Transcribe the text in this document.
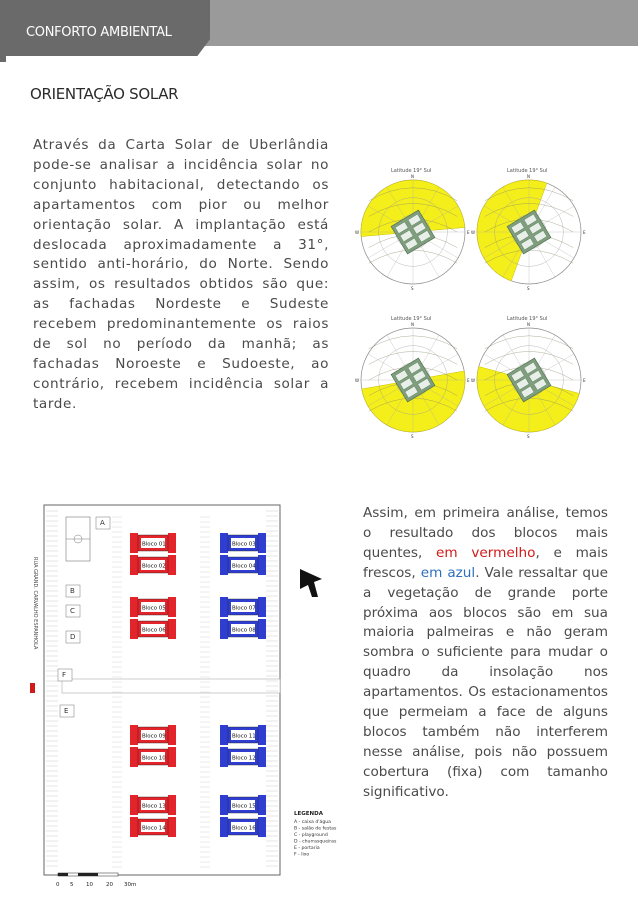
CONFORTO AMBIENTAL
ORIENTAÇÃO SOLAR
Através da Carta Solar de Uberlândia pode-se analisar a incidência solar no conjunto habitacional, detectando os apartamentos com pior ou melhor orientação solar. A implantação está deslocada aproximadamente a 31°, sentido anti-horário, do Norte. Sendo assim, os resultados obtidos são que: as fachadas Nordeste e Sudeste recebem predominantemente os raios de sol no período da manhã; as fachadas Noroeste e Sudoeste, ao contrário, recebem incidência solar a tarde.
Latitude 19° Sul
N
S
E
W
Latitude 19° Sul
N
S
E
W
Latitude 19° Sul
N
S
E
W
Latitude 19° Sul
N
S
E
W
RUA GRAND. CARVALHO ESPANHOLA
A
B
C
D
E
F
Bloco 01
Bloco 02
Bloco 03
Bloco 04
Bloco 05
Bloco 06
Bloco 07
Bloco 08
Bloco 09
Bloco 10
Bloco 11
Bloco 12
Bloco 13
Bloco 14
Bloco 15
Bloco 16
LEGENDA
A - caixa d'água
B - salão de festas
C - playground
D - churrasqueiras
E - portaria
F - lixo
0 5 10 20 30m
Assim, em primeira análise, temos o resultado dos blocos mais quentes, em vermelho, e mais frescos, em azul. Vale ressaltar que a vegetação de grande porte próxima aos blocos são em sua maioria palmeiras e não geram sombra o suficiente para mudar o quadro da insolação nos apartamentos. Os estacionamentos que permeiam a face de alguns blocos também não interferem nesse análise, pois não possuem cobertura (fixa) com tamanho significativo.
